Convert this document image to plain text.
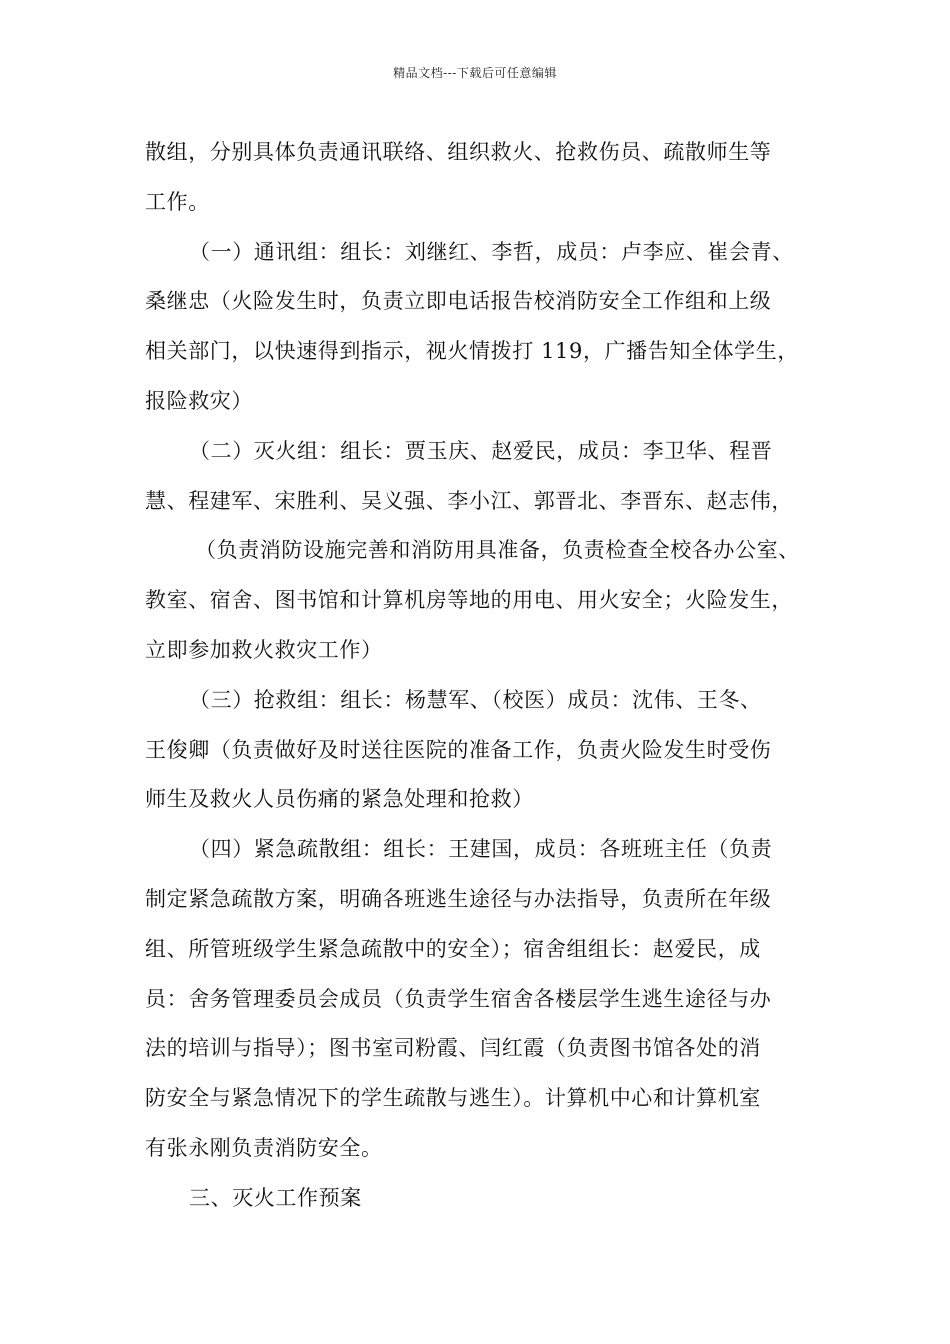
精品文档---下载后可任意编辑
散组，分别具体负责通讯联络、组织救火、抢救伤员、疏散师生等
工作。
（一）通讯组：组长：刘继红、李哲，成员：卢李应、崔会青、
桑继忠（火险发生时，负责立即电话报告校消防安全工作组和上级
相关部门，以快速得到指示，视火情拨打 119，广播告知全体学生，
报险救灾）
（二）灭火组：组长：贾玉庆、赵爱民，成员：李卫华、程晋
慧、程建军、宋胜利、吴义强、李小江、郭晋北、李晋东、赵志伟，
（负责消防设施完善和消防用具准备，负责检查全校各办公室、
教室、宿舍、图书馆和计算机房等地的用电、用火安全；火险发生，
立即参加救火救灾工作）
（三）抢救组：组长：杨慧军、（校医）成员：沈伟、王冬、
王俊卿（负责做好及时送往医院的准备工作，负责火险发生时受伤
师生及救火人员伤痛的紧急处理和抢救）
（四）紧急疏散组：组长：王建国，成员：各班班主任（负责
制定紧急疏散方案，明确各班逃生途径与办法指导，负责所在年级
组、所管班级学生紧急疏散中的安全）；宿舍组组长：赵爱民，成
员：舍务管理委员会成员（负责学生宿舍各楼层学生逃生途径与办
法的培训与指导）；图书室司粉霞、闫红霞（负责图书馆各处的消
防安全与紧急情况下的学生疏散与逃生）。计算机中心和计算机室
有张永刚负责消防安全。
三、灭火工作预案
